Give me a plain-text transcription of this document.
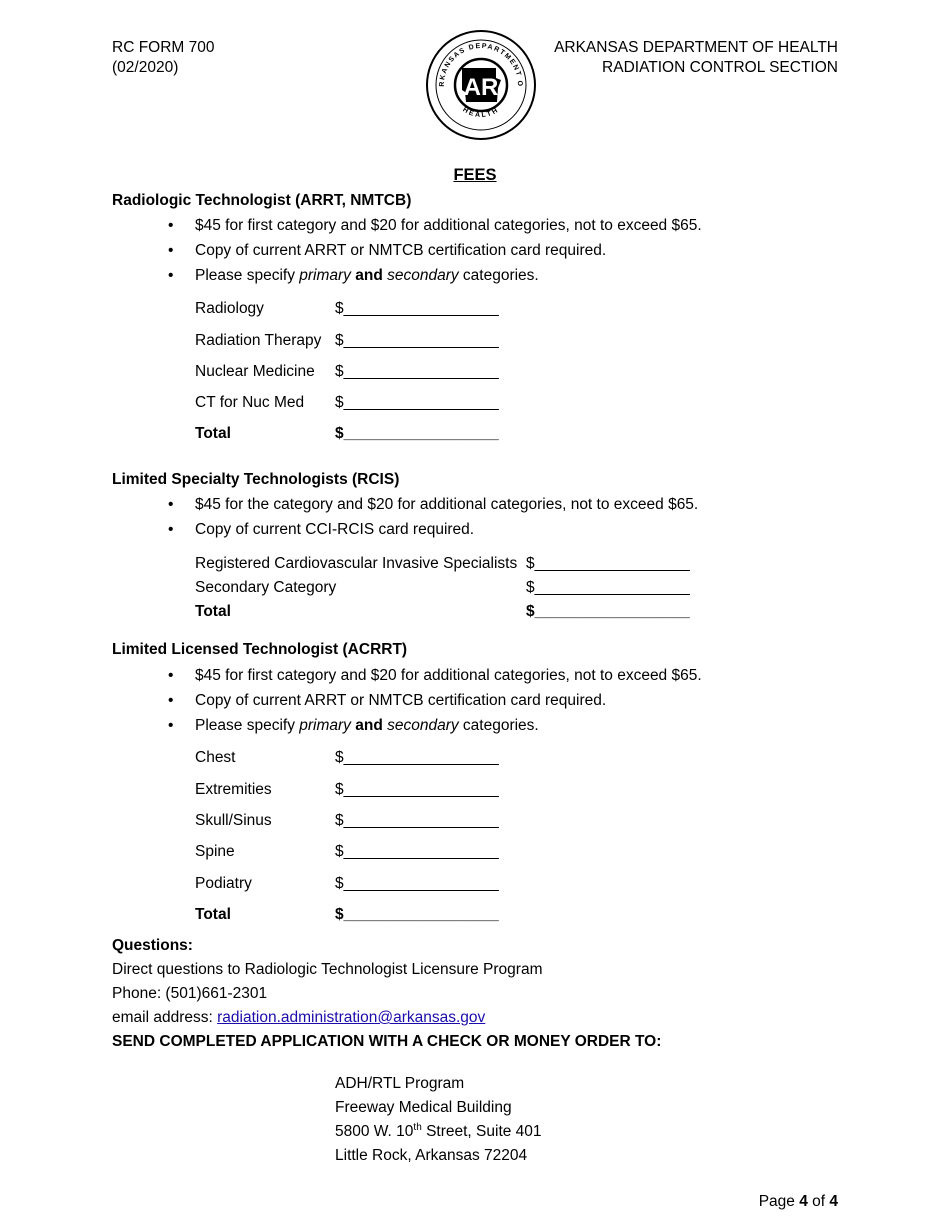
RC FORM 700
(02/2020)
RKANSAS DEPARTMENT O
HEALTH
AR
ARKANSAS DEPARTMENT OF HEALTH
RADIATION CONTROL SECTION
FEES
Radiologic Technologist (ARRT, NMTCB)
• $45 for first category and $20 for additional categories, not to exceed $65.
• Copy of current ARRT or NMTCB certification card required.
• Please specify primary and secondary categories.
Radiology	$__________________
Radiation Therapy $__________________
Nuclear Medicine $__________________
CT for Nuc Med $__________________
Total	$__________________
Limited Specialty Technologists (RCIS)
• $45 for the category and $20 for additional categories, not to exceed $65.
• Copy of current CCI-RCIS card required.
Registered Cardiovascular Invasive Specialists $__________________
Secondary Category	$__________________
Total	$__________________
Limited Licensed Technologist (ACRRT)
• $45 for first category and $20 for additional categories, not to exceed $65.
• Copy of current ARRT or NMTCB certification card required.
• Please specify primary and secondary categories.
Chest	$__________________
Extremities	$__________________
Skull/Sinus	$__________________
Spine	$__________________
Podiatry	$__________________
Total	$__________________
Questions:
Direct questions to Radiologic Technologist Licensure Program
Phone: (501)661-2301
email address: radiation.administration@arkansas.gov
SEND COMPLETED APPLICATION WITH A CHECK OR MONEY ORDER TO:
ADH/RTL Program
Freeway Medical Building
5800 W. 10th Street, Suite 401
Little Rock, Arkansas 72204
Page 4 of 4
